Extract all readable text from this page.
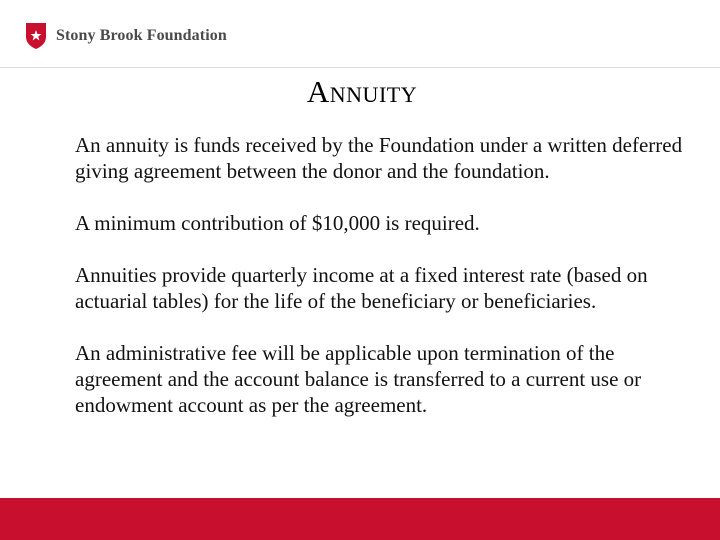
Stony Brook Foundation
Annuity

An annuity is funds received by the Foundation under a written deferred giving agreement between the donor and the foundation.

A minimum contribution of $10,000 is required.

Annuities provide quarterly income at a fixed interest rate (based on actuarial tables) for the life of the beneficiary or beneficiaries.

An administrative fee will be applicable upon termination of the agreement and the account balance is transferred to a current use or endowment account as per the agreement.
